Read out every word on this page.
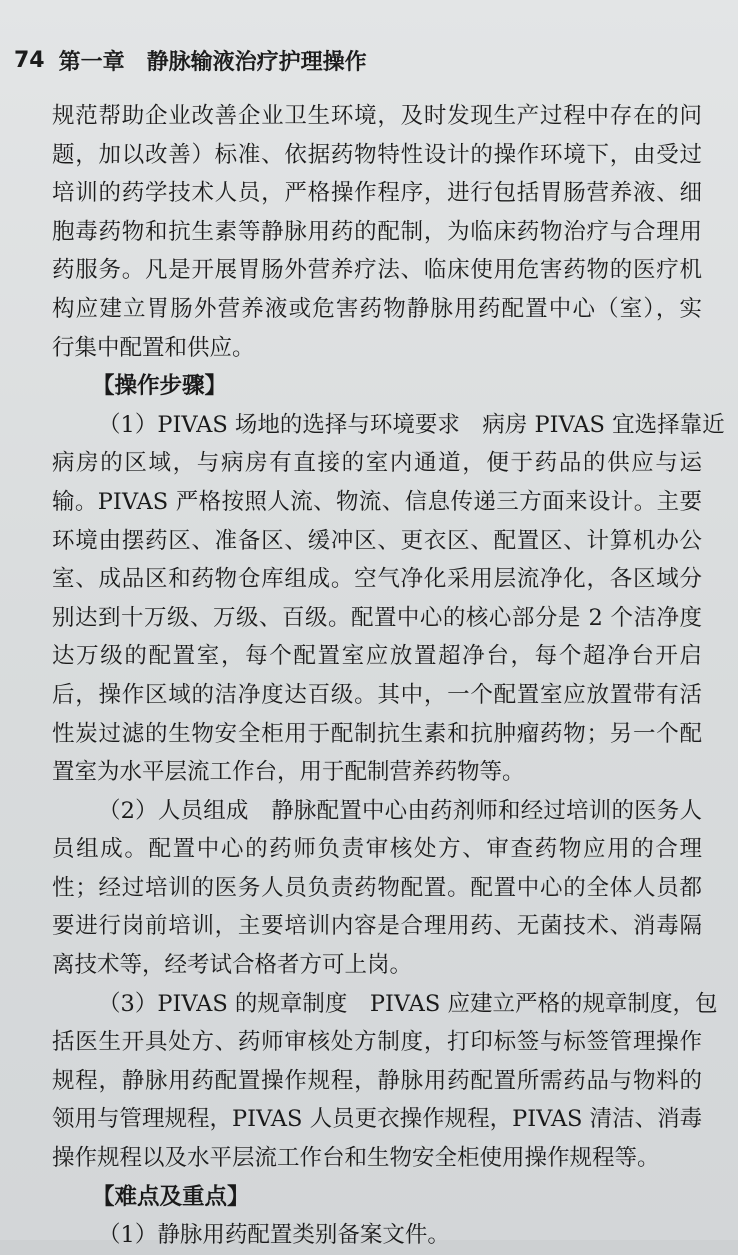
74 第一章 静脉输液治疗护理操作
规范帮助企业改善企业卫生环境，及时发现生产过程中存在的问
题，加以改善）标准、依据药物特性设计的操作环境下，由受过
培训的药学技术人员，严格操作程序，进行包括胃肠营养液、细
胞毒药物和抗生素等静脉用药的配制，为临床药物治疗与合理用
药服务。凡是开展胃肠外营养疗法、临床使用危害药物的医疗机
构应建立胃肠外营养液或危害药物静脉用药配置中心（室），实
行集中配置和供应。
【操作步骤】
（1）PIVAS 场地的选择与环境要求　病房 PIVAS 宜选择靠近
病房的区域，与病房有直接的室内通道，便于药品的供应与运
输。PIVAS 严格按照人流、物流、信息传递三方面来设计。主要
环境由摆药区、准备区、缓冲区、更衣区、配置区、计算机办公
室、成品区和药物仓库组成。空气净化采用层流净化，各区域分
别达到十万级、万级、百级。配置中心的核心部分是 2 个洁净度
达万级的配置室，每个配置室应放置超净台，每个超净台开启
后，操作区域的洁净度达百级。其中，一个配置室应放置带有活
性炭过滤的生物安全柜用于配制抗生素和抗肿瘤药物；另一个配
置室为水平层流工作台，用于配制营养药物等。
（2）人员组成　静脉配置中心由药剂师和经过培训的医务人
员组成。配置中心的药师负责审核处方、审查药物应用的合理
性；经过培训的医务人员负责药物配置。配置中心的全体人员都
要进行岗前培训，主要培训内容是合理用药、无菌技术、消毒隔
离技术等，经考试合格者方可上岗。
（3）PIVAS 的规章制度　PIVAS 应建立严格的规章制度，包
括医生开具处方、药师审核处方制度，打印标签与标签管理操作
规程，静脉用药配置操作规程，静脉用药配置所需药品与物料的
领用与管理规程，PIVAS 人员更衣操作规程，PIVAS 清洁、消毒
操作规程以及水平层流工作台和生物安全柜使用操作规程等。
【难点及重点】
（1）静脉用药配置类别备案文件。
